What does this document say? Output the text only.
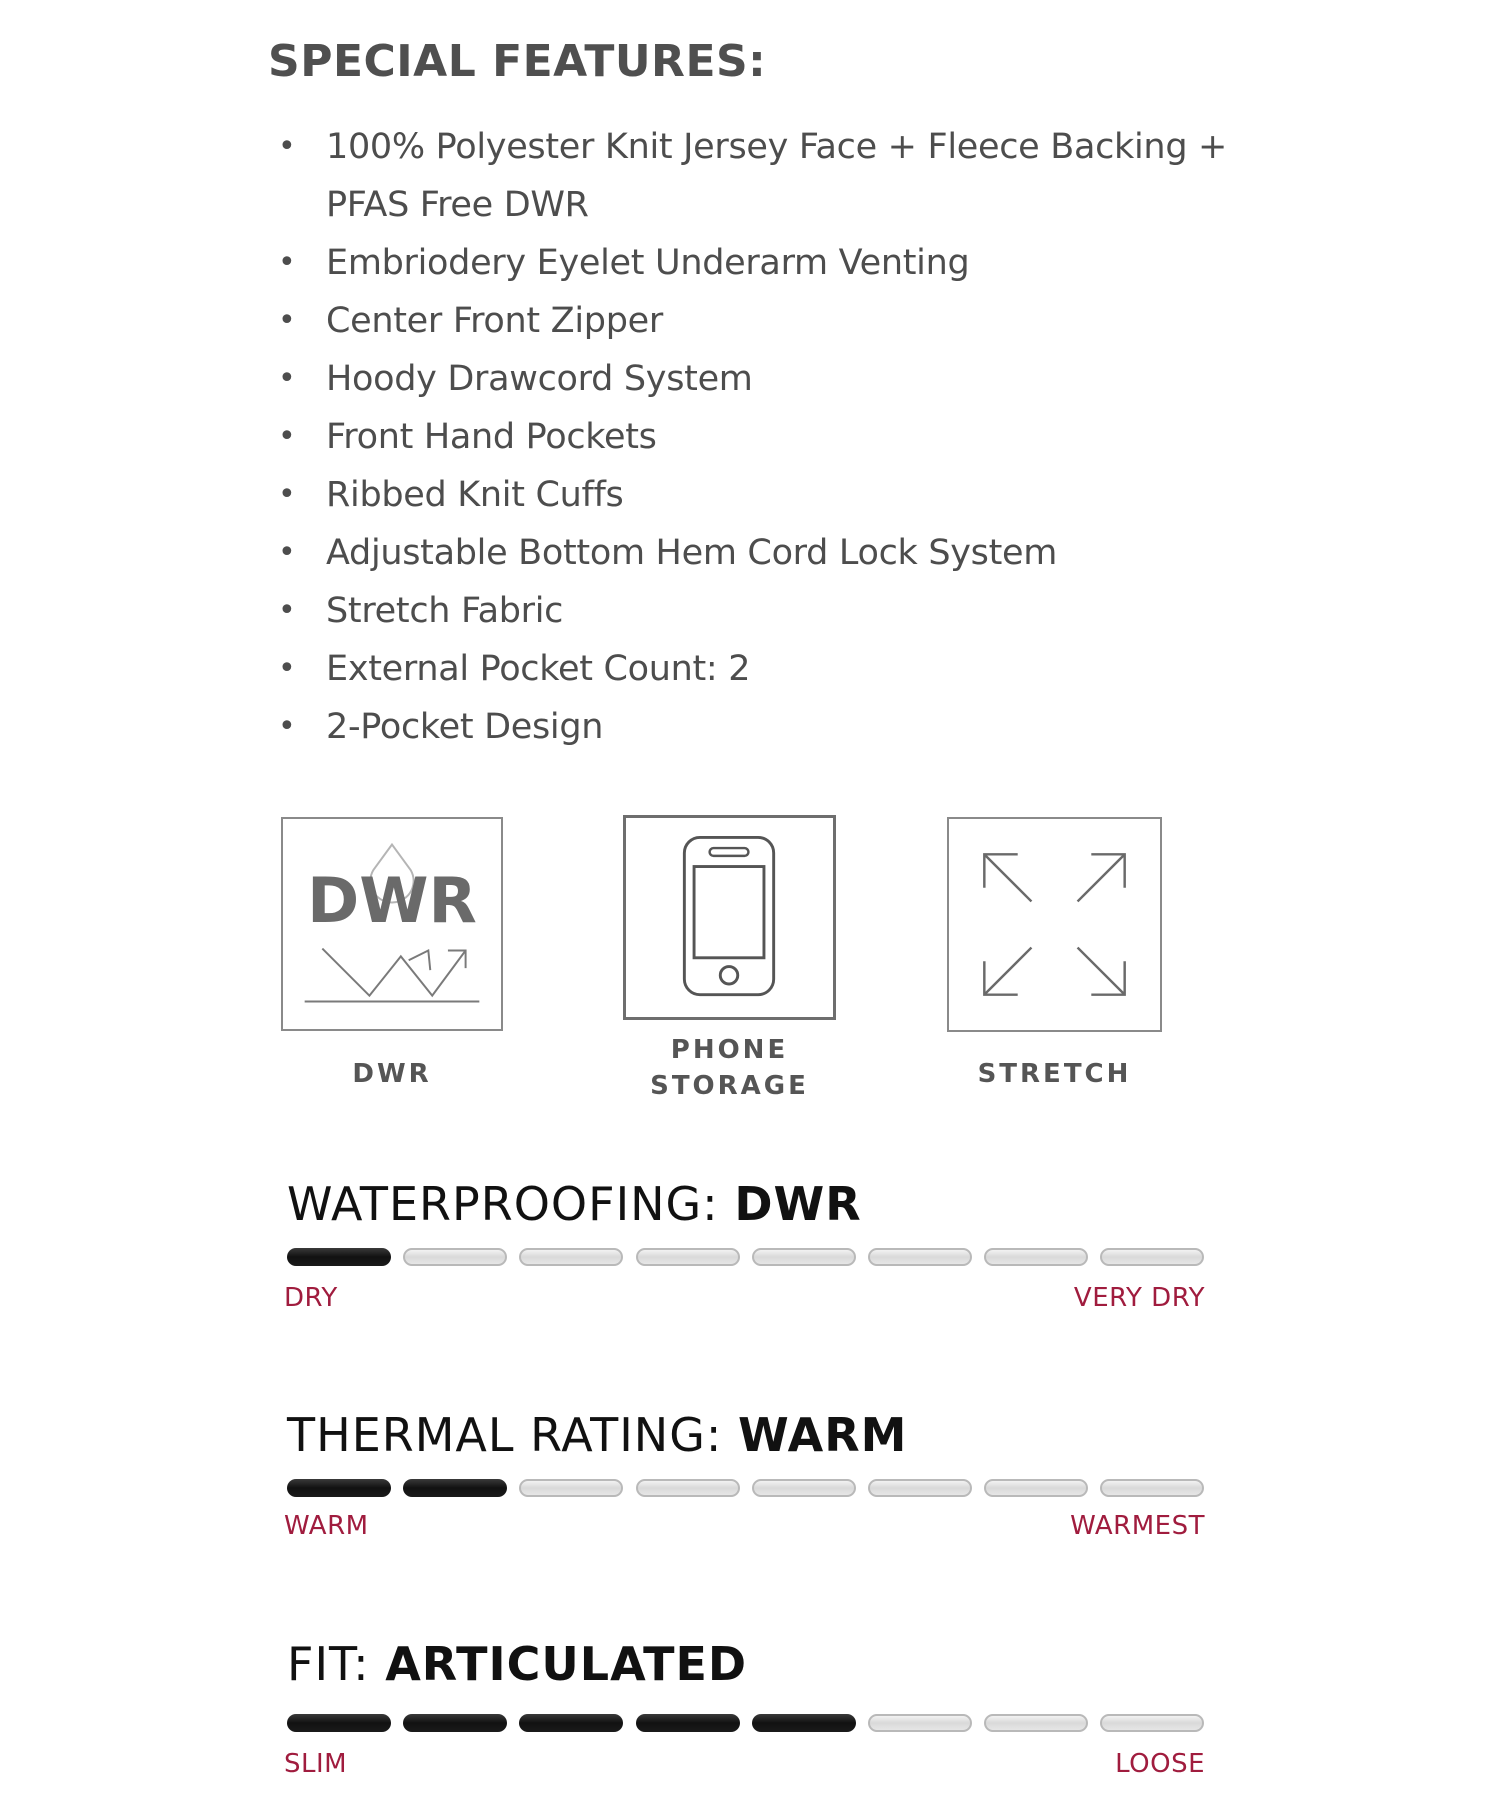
SPECIAL FEATURES:
• 100% Polyester Knit Jersey Face + Fleece Backing + PFAS Free DWR
• Embriodery Eyelet Underarm Venting
• Center Front Zipper
• Hoody Drawcord System
• Front Hand Pockets
• Ribbed Knit Cuffs
• Adjustable Bottom Hem Cord Lock System
• Stretch Fabric
• External Pocket Count: 2
• 2-Pocket Design
DWR
DWR
PHONE
STORAGE	STRETCH
WATERPROOFING: DWR
DRY	VERY DRY
THERMAL RATING: WARM
WARM	WARMEST
FIT: ARTICULATED
SLIM	LOOSE
